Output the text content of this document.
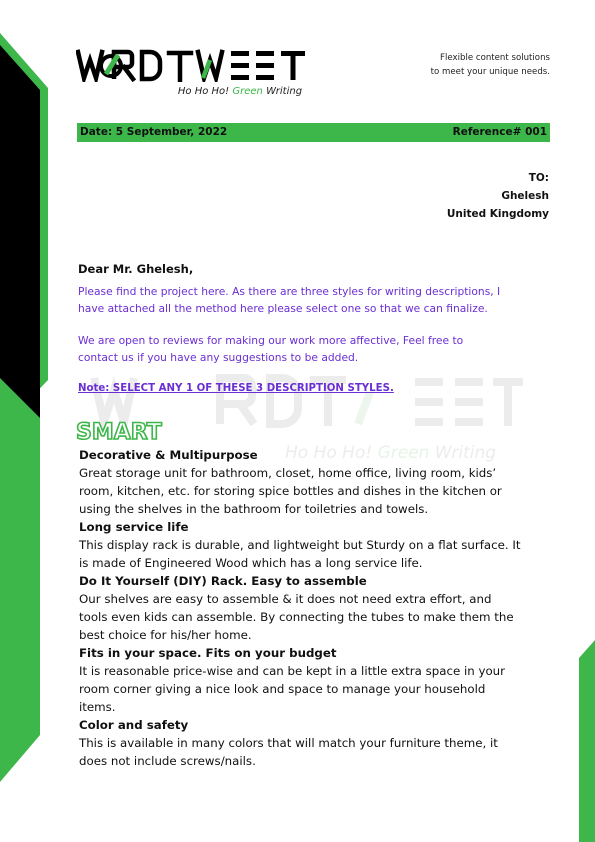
Ho Ho Ho! Green Writing
Flexible content solutions
to meet your unique needs.
Date: 5 September, 2022	Reference# 001
TO:
Ghelesh
United Kingdomy
Dear Mr. Ghelesh,
Please find the project here. As there are three styles for writing descriptions, I
have attached all the method here please select one so that we can finalize.
We are open to reviews for making our work more affective, Feel free to
contact us if you have any suggestions to be added.
Ho Ho Ho! Green Writing
Note: SELECT ANY 1 OF THESE 3 DESCRIPTION STYLES.
SMART

Decorative & Multipurpose

Great storage unit for bathroom, closet, home office, living room, kids’

room, kitchen, etc. for storing spice bottles and dishes in the kitchen or

using the shelves in the bathroom for toiletries and towels.

Long service life

This display rack is durable, and lightweight but Sturdy on a flat surface. It

is made of Engineered Wood which has a long service life.

Do It Yourself (DIY) Rack. Easy to assemble

Our shelves are easy to assemble & it does not need extra effort, and

tools even kids can assemble. By connecting the tubes to make them the

best choice for his/her home.

Fits in your space. Fits on your budget

It is reasonable price-wise and can be kept in a little extra space in your

room corner giving a nice look and space to manage your household

items.

Color and safety

This is available in many colors that will match your furniture theme, it

does not include screws/nails.
